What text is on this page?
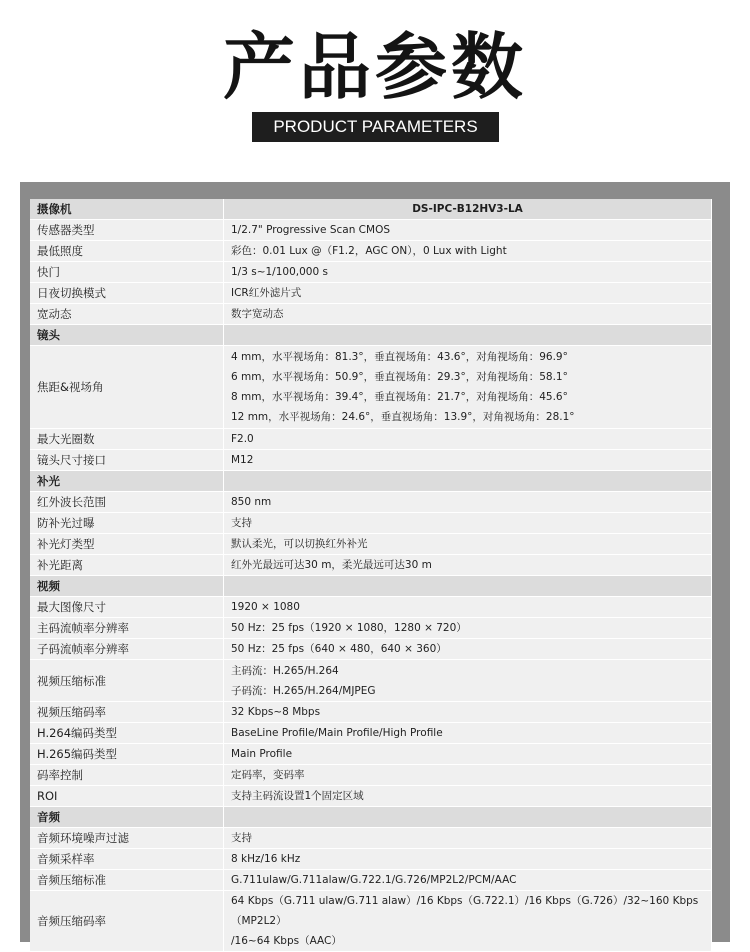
产品参数
PRODUCT PARAMETERS
摄像机	DS-IPC-B12HV3-LA
传感器类型	1/2.7" Progressive Scan CMOS
最低照度	彩色：0.01 Lux @（F1.2，AGC ON），0 Lux with Light
快门	1/3 s~1/100,000 s
日夜切换模式	ICR红外滤片式
宽动态	数字宽动态
镜头	
焦距&视场角	4 mm，水平视场角：81.3°，垂直视场角：43.6°，对角视场角：96.9°
6 mm，水平视场角：50.9°，垂直视场角：29.3°，对角视场角：58.1°
8 mm，水平视场角：39.4°，垂直视场角：21.7°，对角视场角：45.6°
12 mm，水平视场角：24.6°，垂直视场角：13.9°，对角视场角：28.1°

最大光圈数	F2.0
镜头尺寸接口	M12
补光	
红外波长范围	850 nm
防补光过曝	支持
补光灯类型	默认柔光，可以切换红外补光
补光距离	红外光最远可达30 m，柔光最远可达30 m
视频	
最大图像尺寸	1920 × 1080
主码流帧率分辨率	50 Hz：25 fps（1920 × 1080，1280 × 720）
子码流帧率分辨率	50 Hz：25 fps（640 × 480，640 × 360）
视频压缩标准	主码流：H.265/H.264
子码流：H.265/H.264/MJPEG

视频压缩码率	32 Kbps~8 Mbps
H.264编码类型	BaseLine Profile/Main Profile/High Profile
H.265编码类型	Main Profile
码率控制	定码率，变码率
ROI	支持主码流设置1个固定区域
音频	
音频环境噪声过滤	支持
音频采样率	8 kHz/16 kHz
音频压缩标准	G.711ulaw/G.711alaw/G.722.1/G.726/MP2L2/PCM/AAC
音频压缩码率	64 Kbps（G.711 ulaw/G.711 alaw）/16 Kbps（G.722.1）/16 Kbps（G.726）/32~160 Kbps（MP2L2）
/16~64 Kbps（AAC）
